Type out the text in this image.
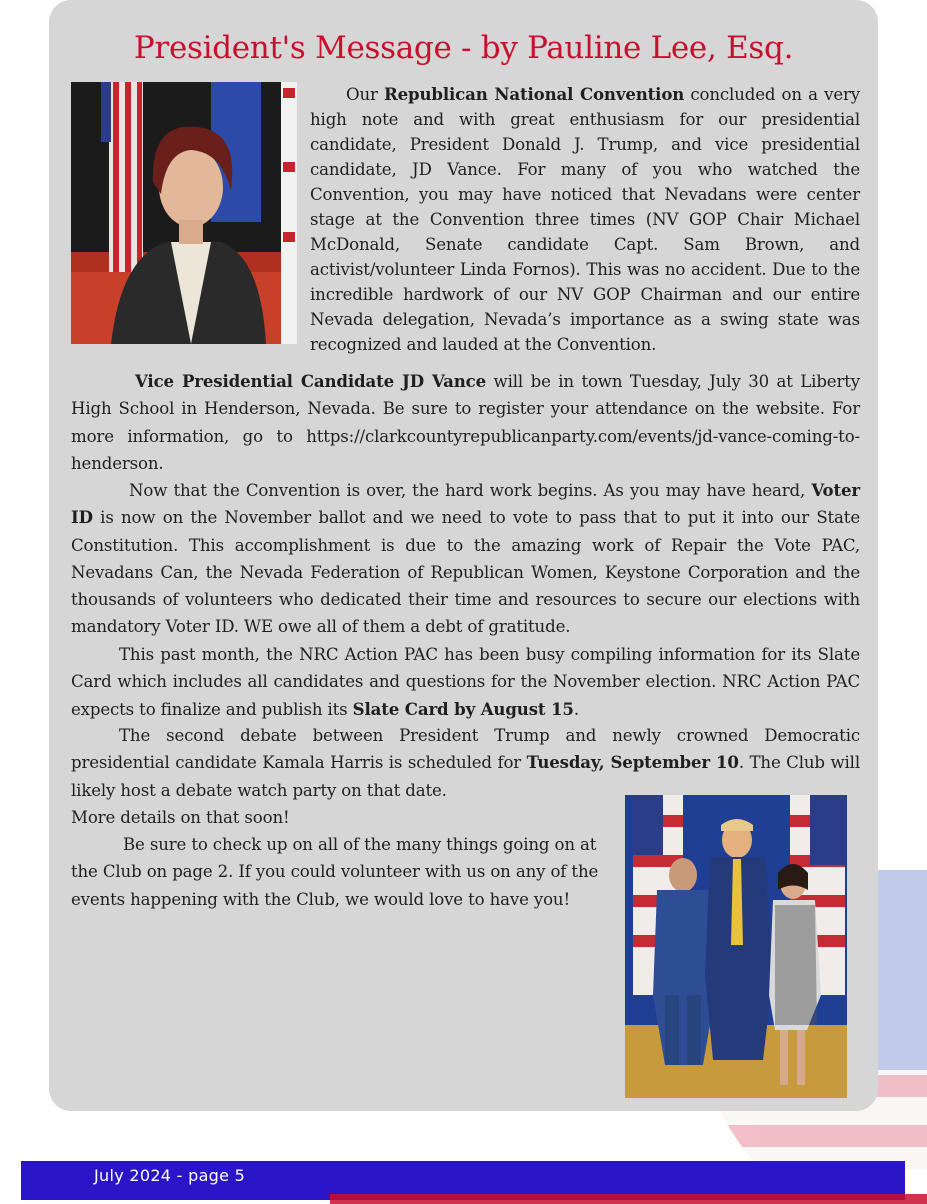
President's Message - by Pauline Lee, Esq.

Our Republican National Convention concluded on a very high note and with great enthusiasm for our presidential candidate, President Donald J. Trump, and vice presidential candidate, JD Vance. For many of you who watched the Convention, you may have noticed that Nevadans were center stage at the Convention three times (NV GOP Chair Michael McDonald, Senate candidate Capt. Sam Brown, and activist/volunteer Linda Fornos). This was no accident. Due to the incredible hardwork of our NV GOP Chairman and our entire Nevada delegation, Nevada’s importance as a swing state was recognized and lauded at the Convention.

Vice Presidential Candidate JD Vance will be in town Tuesday, July 30 at Liberty High School in Henderson, Nevada. Be sure to register your attendance on the website. For more information, go to https://clarkcountyrepublicanparty.com/events/jd-vance-coming-to-henderson.

Now that the Convention is over, the hard work begins. As you may have heard, Voter ID is now on the November ballot and we need to vote to pass that to put it into our State Constitution. This accomplishment is due to the amazing work of Repair the Vote PAC, Nevadans Can, the Nevada Federation of Republican Women, Keystone Corporation and the thousands of volunteers who dedicated their time and resources to secure our elections with mandatory Voter ID. WE owe all of them a debt of gratitude.

This past month, the NRC Action PAC has been busy compiling information for its Slate Card which includes all candidates and questions for the November election. NRC Action PAC expects to finalize and publish its Slate Card by August 15.

The second debate between President Trump and newly crowned Democratic presidential candidate Kamala Harris is scheduled for Tuesday, September 10. The Club will likely host a debate watch party on that date.

More details on that soon!

Be sure to check up on all of the many things going on at the Club on page 2. If you could volunteer with us on any of the events happening with the Club, we would love to have you!

July 2024 - page 5
